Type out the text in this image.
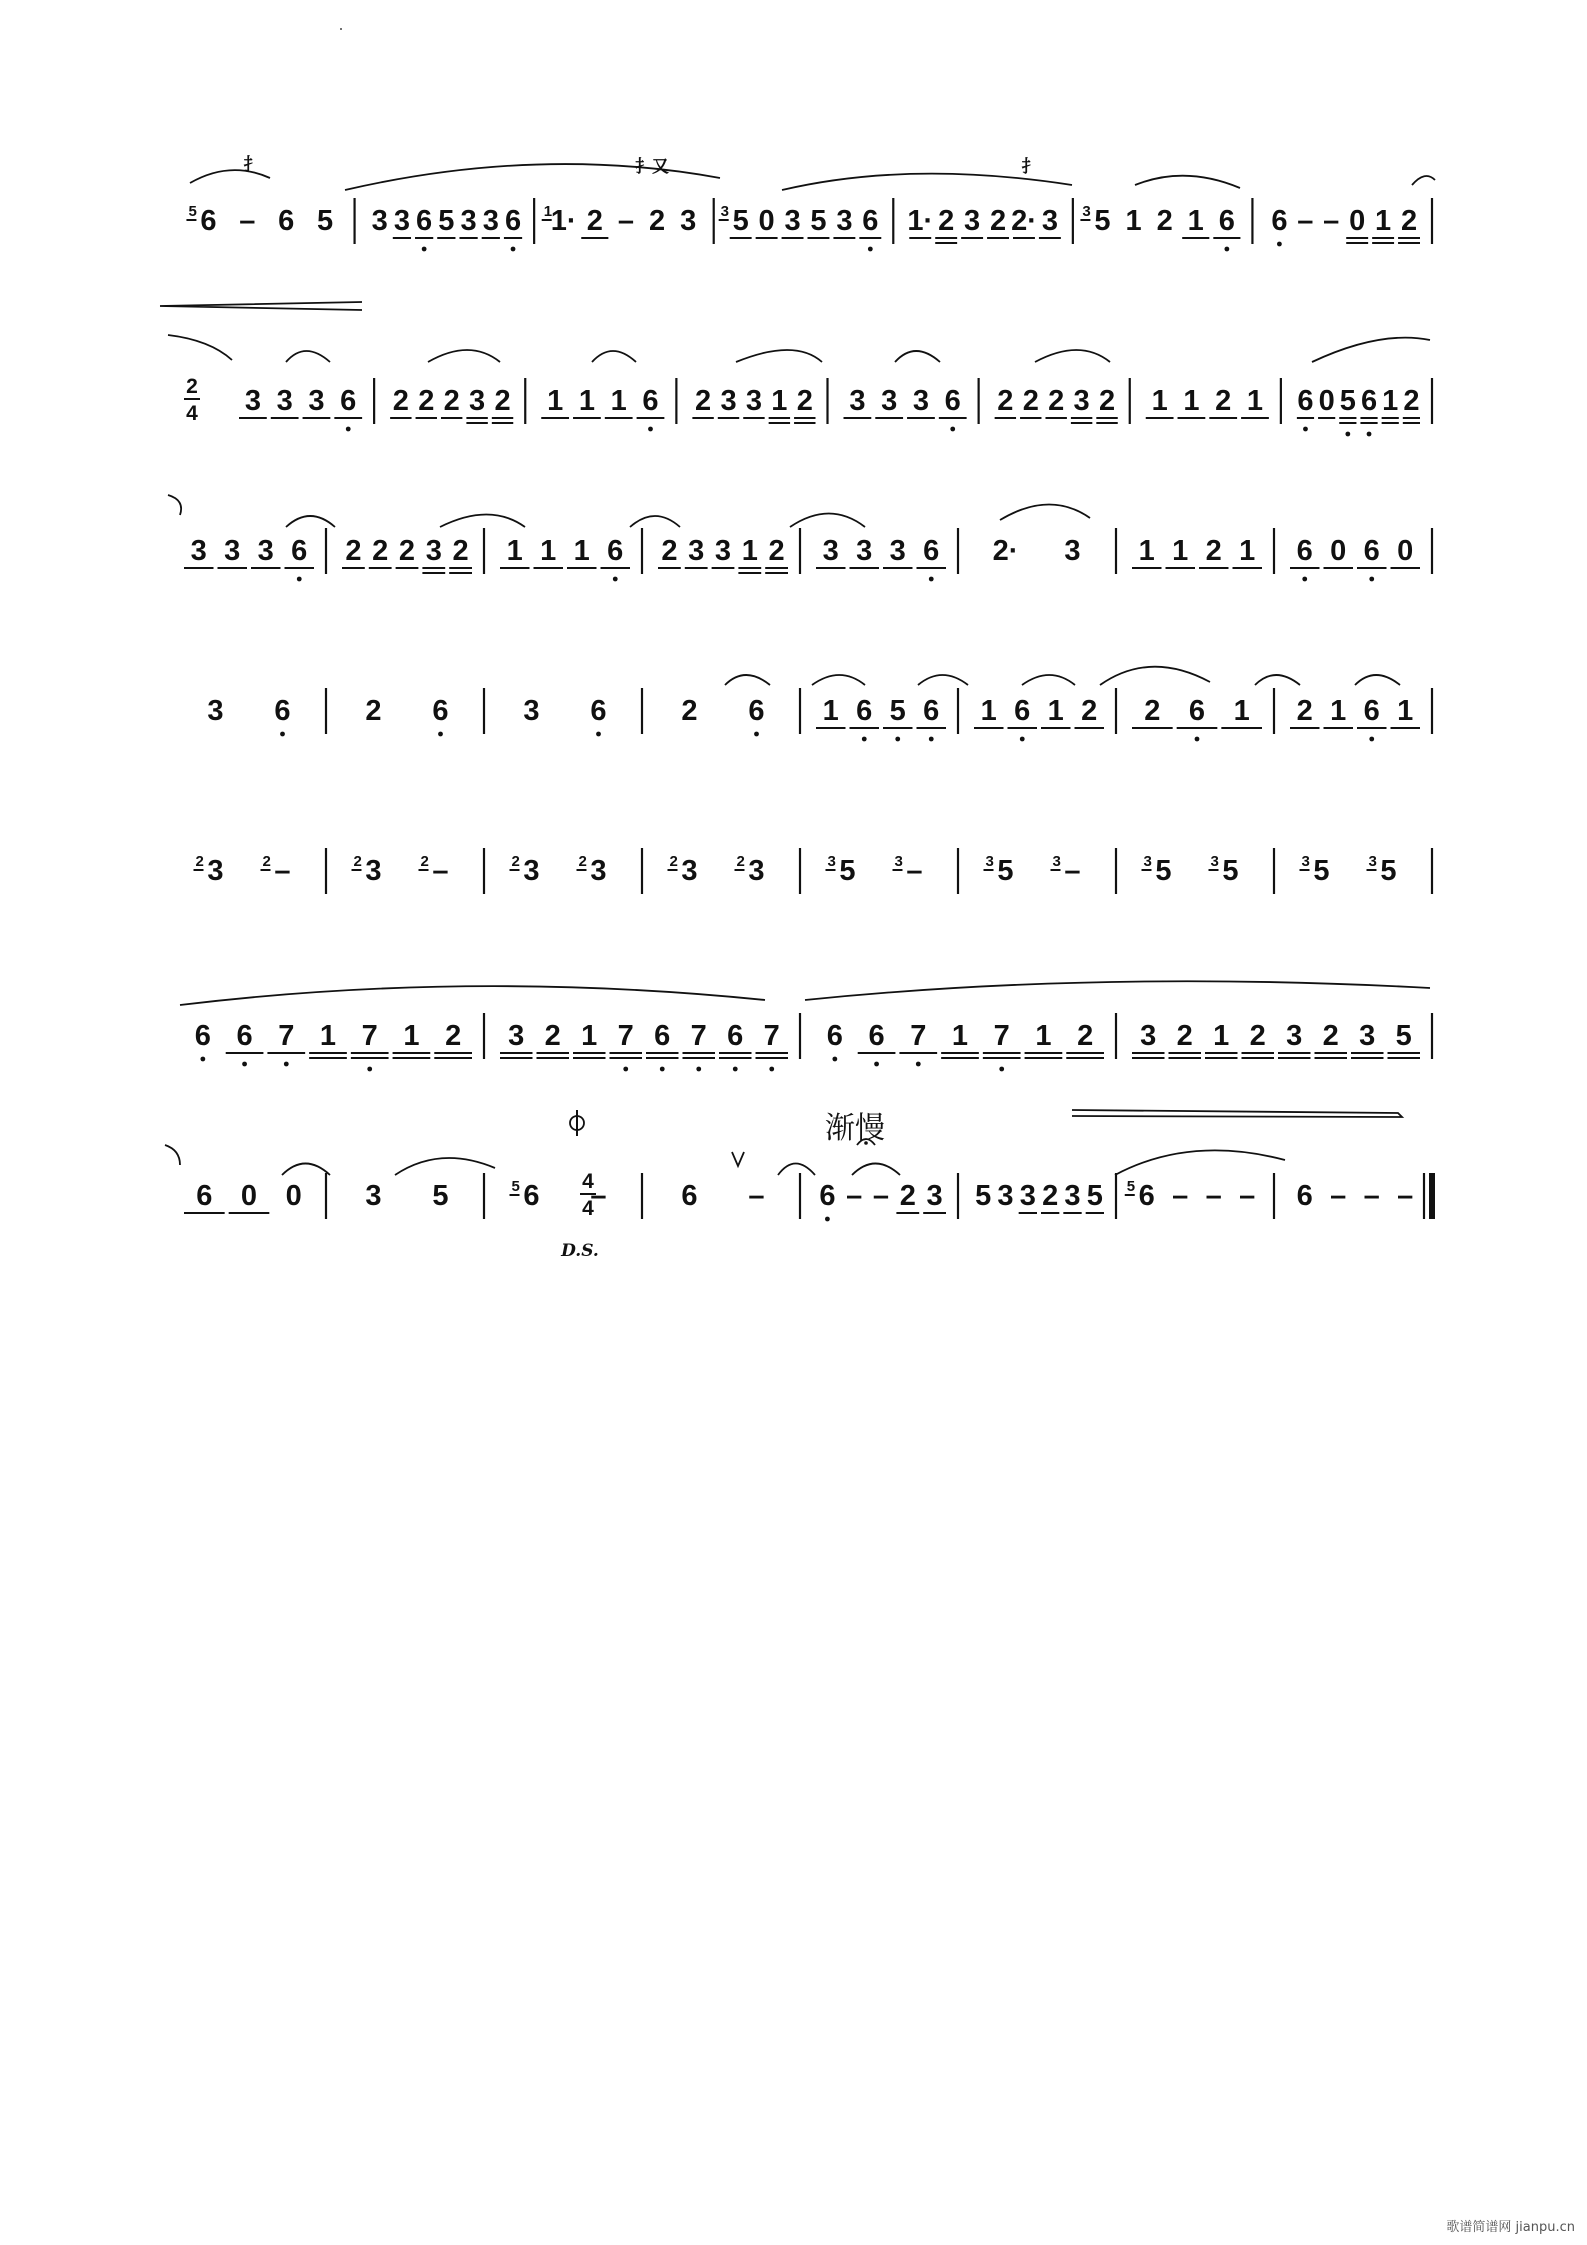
5 6 – 6 5 3 3 6 5 3 3 6 1
1· 2 – 2 3 3 5 0 3 5 3 6 1· 2 3 2 2· 3 3 5 1 2 1 6 6 – – 0 1 2
3 3 3 6 2 2 2 3 2 1 1 1 6 2 3 3 1 2 3 3 3 6 2 2 2 3 2 1 1 2 1 6 0 5 6 1 2
3 3 3 6 2 2 2 3 2 1 1 1 6 2 3 3 1 2 3 3 3 6 2· 3 1 1 2 1 6 0 6 0
3 6	2 6	3 6	2 6 1 6 5 6 1 6 1 2 2 6 1 2 1 6 1
2 3	2 –	2 3	2 –	2 3	2 3	2 3	2 3	3 5	3 –	3 5	3 –	3 5	3 5	3 5	3 5
6 6 7 1 7 1 2 3 2 1 7 6 7 6 7 6 6 7 1 7 1 2 3 2 1 2 3 2 3 5
6 0 0 3 5	5 6 –	6 – 6 – – 2 3 5 3 3 2 3 5 5 6 – – – 6 – – –
2
4
4
4
扌	扌又	扌
渐慢
D.S.
歌谱简谱网 jianpu.cn
